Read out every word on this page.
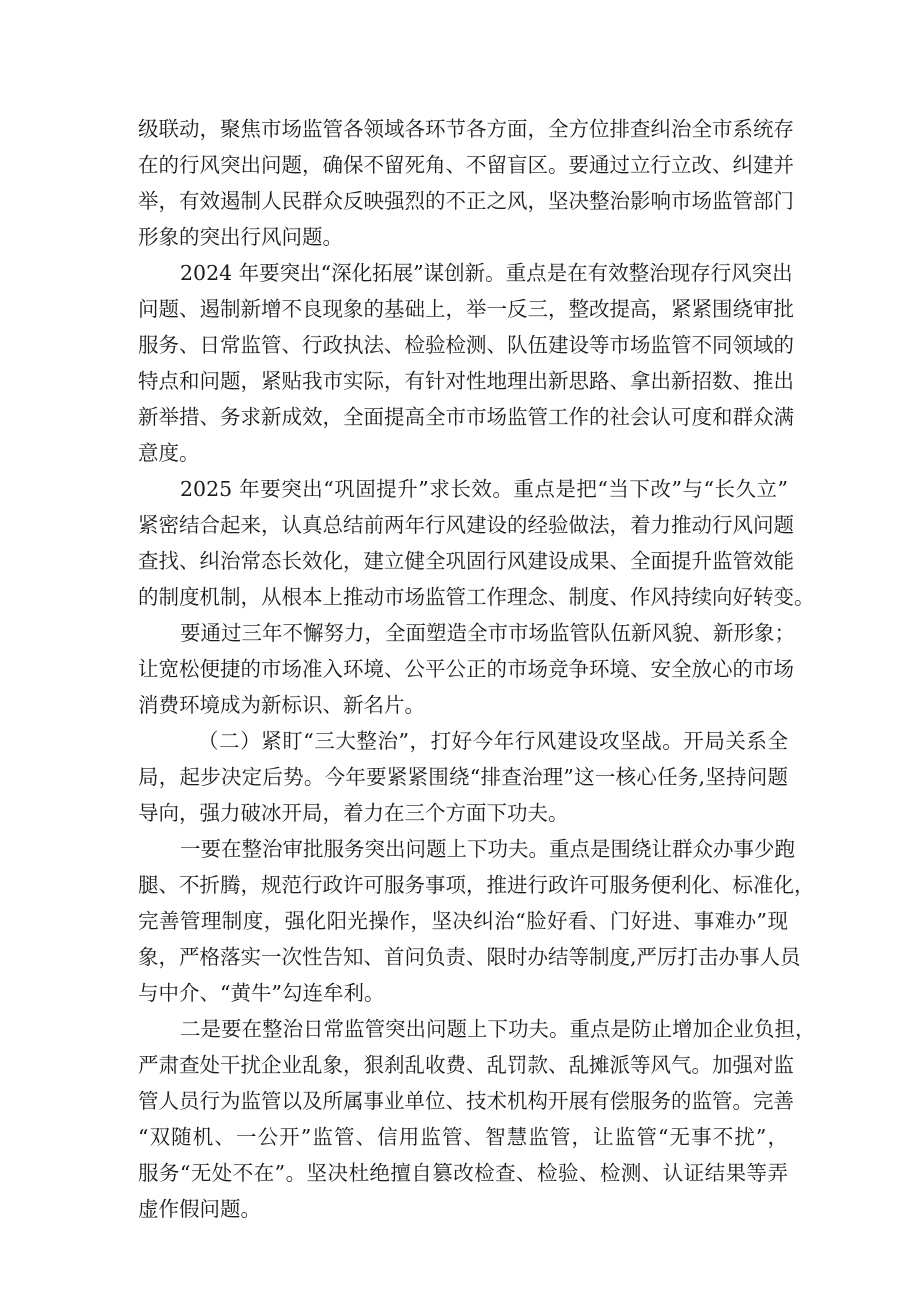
级联动，聚焦市场监管各领域各环节各方面，全方位排查纠治全市系统存
在的行风突出问题，确保不留死角、不留盲区。要通过立行立改、纠建并
举，有效遏制人民群众反映强烈的不正之风，坚决整治影响市场监管部门
形象的突出行风问题。
2024 年要突出“深化拓展”谋创新。重点是在有效整治现存行风突出
问题、遏制新增不良现象的基础上，举一反三，整改提高，紧紧围绕审批
服务、日常监管、行政执法、检验检测、队伍建设等市场监管不同领域的
特点和问题，紧贴我市实际，有针对性地理出新思路、拿出新招数、推出
新举措、务求新成效，全面提高全市市场监管工作的社会认可度和群众满
意度。
2025 年要突出“巩固提升”求长效。重点是把“当下改”与“长久立”
紧密结合起来，认真总结前两年行风建设的经验做法，着力推动行风问题
查找、纠治常态长效化，建立健全巩固行风建设成果、全面提升监管效能
的制度机制，从根本上推动市场监管工作理念、制度、作风持续向好转变。
要通过三年不懈努力，全面塑造全市市场监管队伍新风貌、新形象；
让宽松便捷的市场准入环境、公平公正的市场竞争环境、安全放心的市场
消费环境成为新标识、新名片。
（二）紧盯“三大整治”，打好今年行风建设攻坚战。开局关系全
局，起步决定后势。今年要紧紧围绕“排查治理”这一核心任务,坚持问题
导向，强力破冰开局，着力在三个方面下功夫。
一要在整治审批服务突出问题上下功夫。重点是围绕让群众办事少跑
腿、不折腾，规范行政许可服务事项，推进行政许可服务便利化、标准化，
完善管理制度，强化阳光操作，坚决纠治“脸好看、门好进、事难办”现
象，严格落实一次性告知、首问负责、限时办结等制度,严厉打击办事人员
与中介、“黄牛”勾连牟利。
二是要在整治日常监管突出问题上下功夫。重点是防止增加企业负担，
严肃查处干扰企业乱象，狠刹乱收费、乱罚款、乱摊派等风气。加强对监
管人员行为监管以及所属事业单位、技术机构开展有偿服务的监管。完善
“双随机、一公开”监管、信用监管、智慧监管，让监管“无事不扰”，
服务“无处不在”。坚决杜绝擅自篡改检查、检验、检测、认证结果等弄
虚作假问题。
